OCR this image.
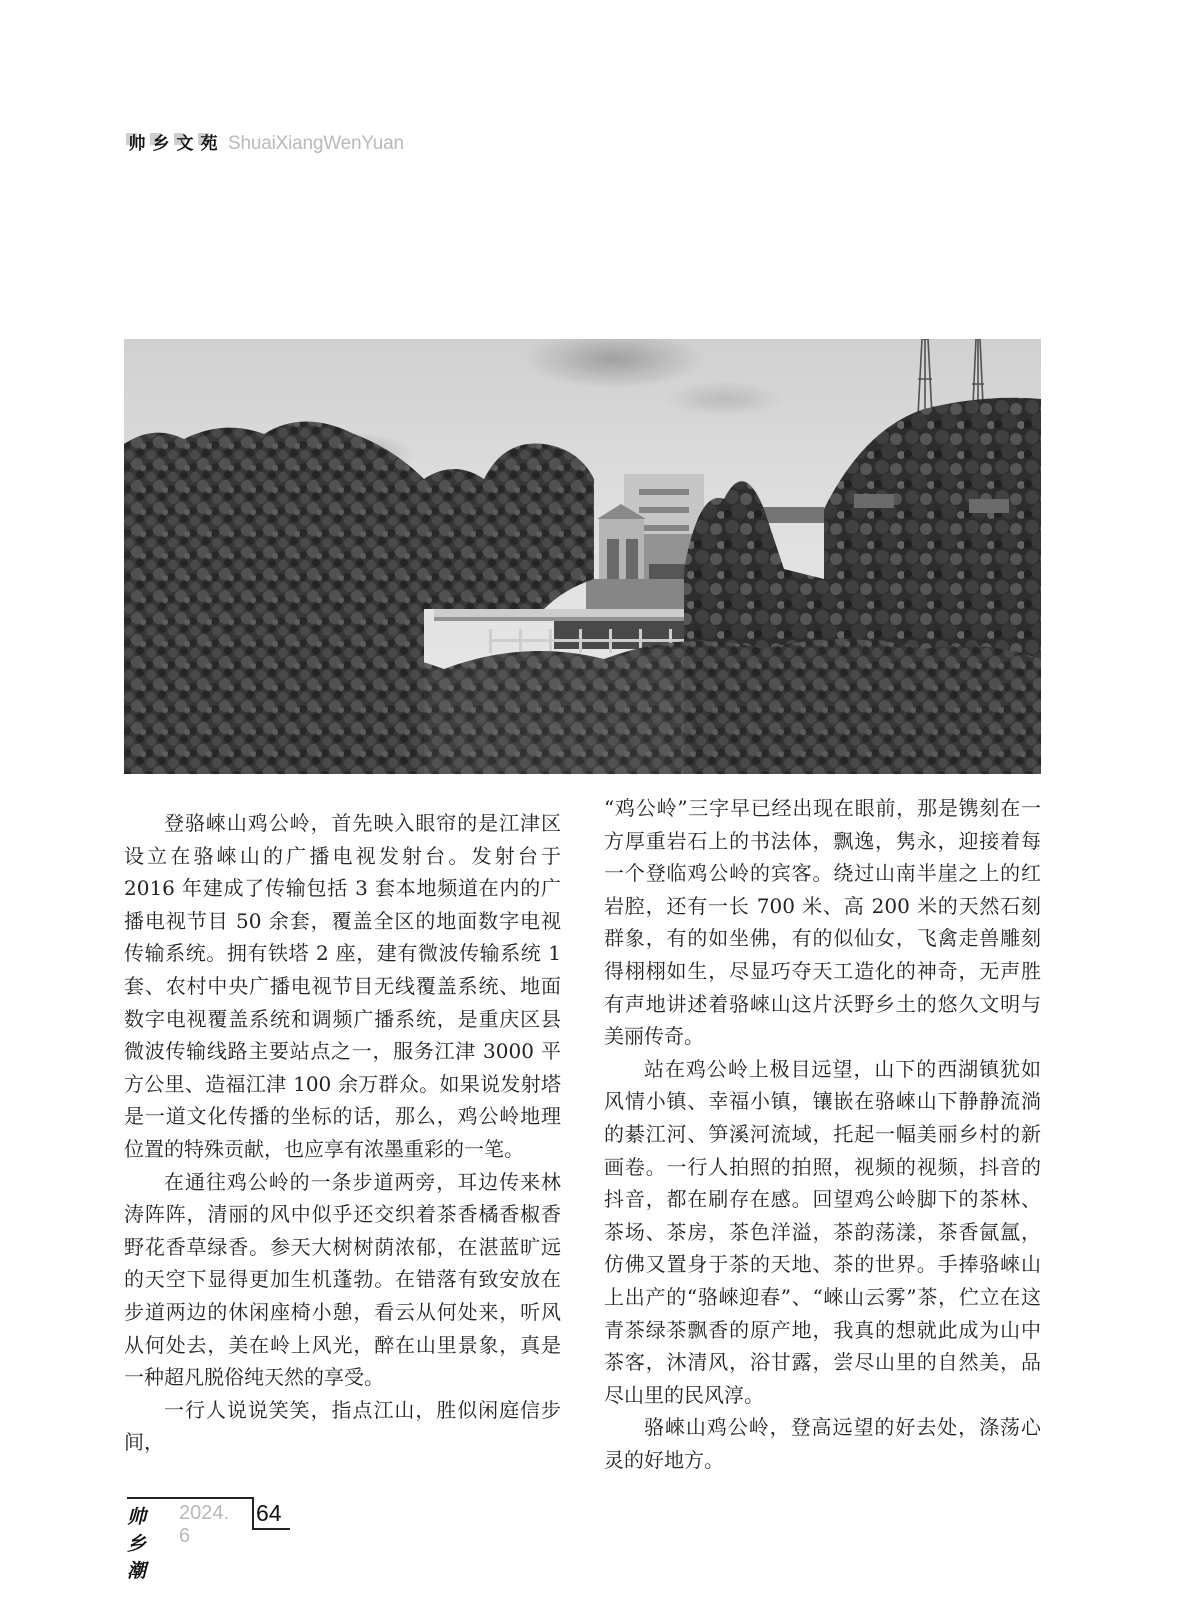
帅 乡 文 苑 ShuaiXiangWenYuan

登骆崍山鸡公岭，首先映入眼帘的是江津区设立在骆崍山的广播电视发射台。发射台于 2016 年建成了传输包括 3 套本地频道在内的广播电视节目 50 余套，覆盖全区的地面数字电视传输系统。拥有铁塔 2 座，建有微波传输系统 1 套、农村中央广播电视节目无线覆盖系统、地面数字电视覆盖系统和调频广播系统，是重庆区县微波传输线路主要站点之一，服务江津 3000 平方公里、造福江津 100 余万群众。如果说发射塔是一道文化传播的坐标的话，那么，鸡公岭地理位置的特殊贡献，也应享有浓墨重彩的一笔。

在通往鸡公岭的一条步道两旁，耳边传来林涛阵阵，清丽的风中似乎还交织着茶香橘香椒香野花香草绿香。参天大树树荫浓郁，在湛蓝旷远的天空下显得更加生机蓬勃。在错落有致安放在步道两边的休闲座椅小憩，看云从何处来，听风从何处去，美在岭上风光，醉在山里景象，真是一种超凡脱俗纯天然的享受。

一行人说说笑笑，指点江山，胜似闲庭信步间，

“鸡公岭”三字早已经出现在眼前，那是镌刻在一方厚重岩石上的书法体，飘逸，隽永，迎接着每一个登临鸡公岭的宾客。绕过山南半崖之上的红岩腔，还有一长 700 米、高 200 米的天然石刻群象，有的如坐佛，有的似仙女，飞禽走兽雕刻得栩栩如生，尽显巧夺天工造化的神奇，无声胜有声地讲述着骆崍山这片沃野乡土的悠久文明与美丽传奇。

站在鸡公岭上极目远望，山下的西湖镇犹如风情小镇、幸福小镇，镶嵌在骆崍山下静静流淌的綦江河、笋溪河流域，托起一幅美丽乡村的新画卷。一行人拍照的拍照，视频的视频，抖音的抖音，都在刷存在感。回望鸡公岭脚下的茶林、茶场、茶房，茶色洋溢，茶韵荡漾，茶香氤氲，仿佛又置身于茶的天地、茶的世界。手捧骆崍山上出产的“骆崍迎春”、“崍山云雾”茶，伫立在这青茶绿茶飘香的原产地，我真的想就此成为山中茶客，沐清风，浴甘露，尝尽山里的自然美，品尽山里的民风淳。

骆崍山鸡公岭，登高远望的好去处，涤荡心灵的好地方。

帅乡潮
2024. 6
64
